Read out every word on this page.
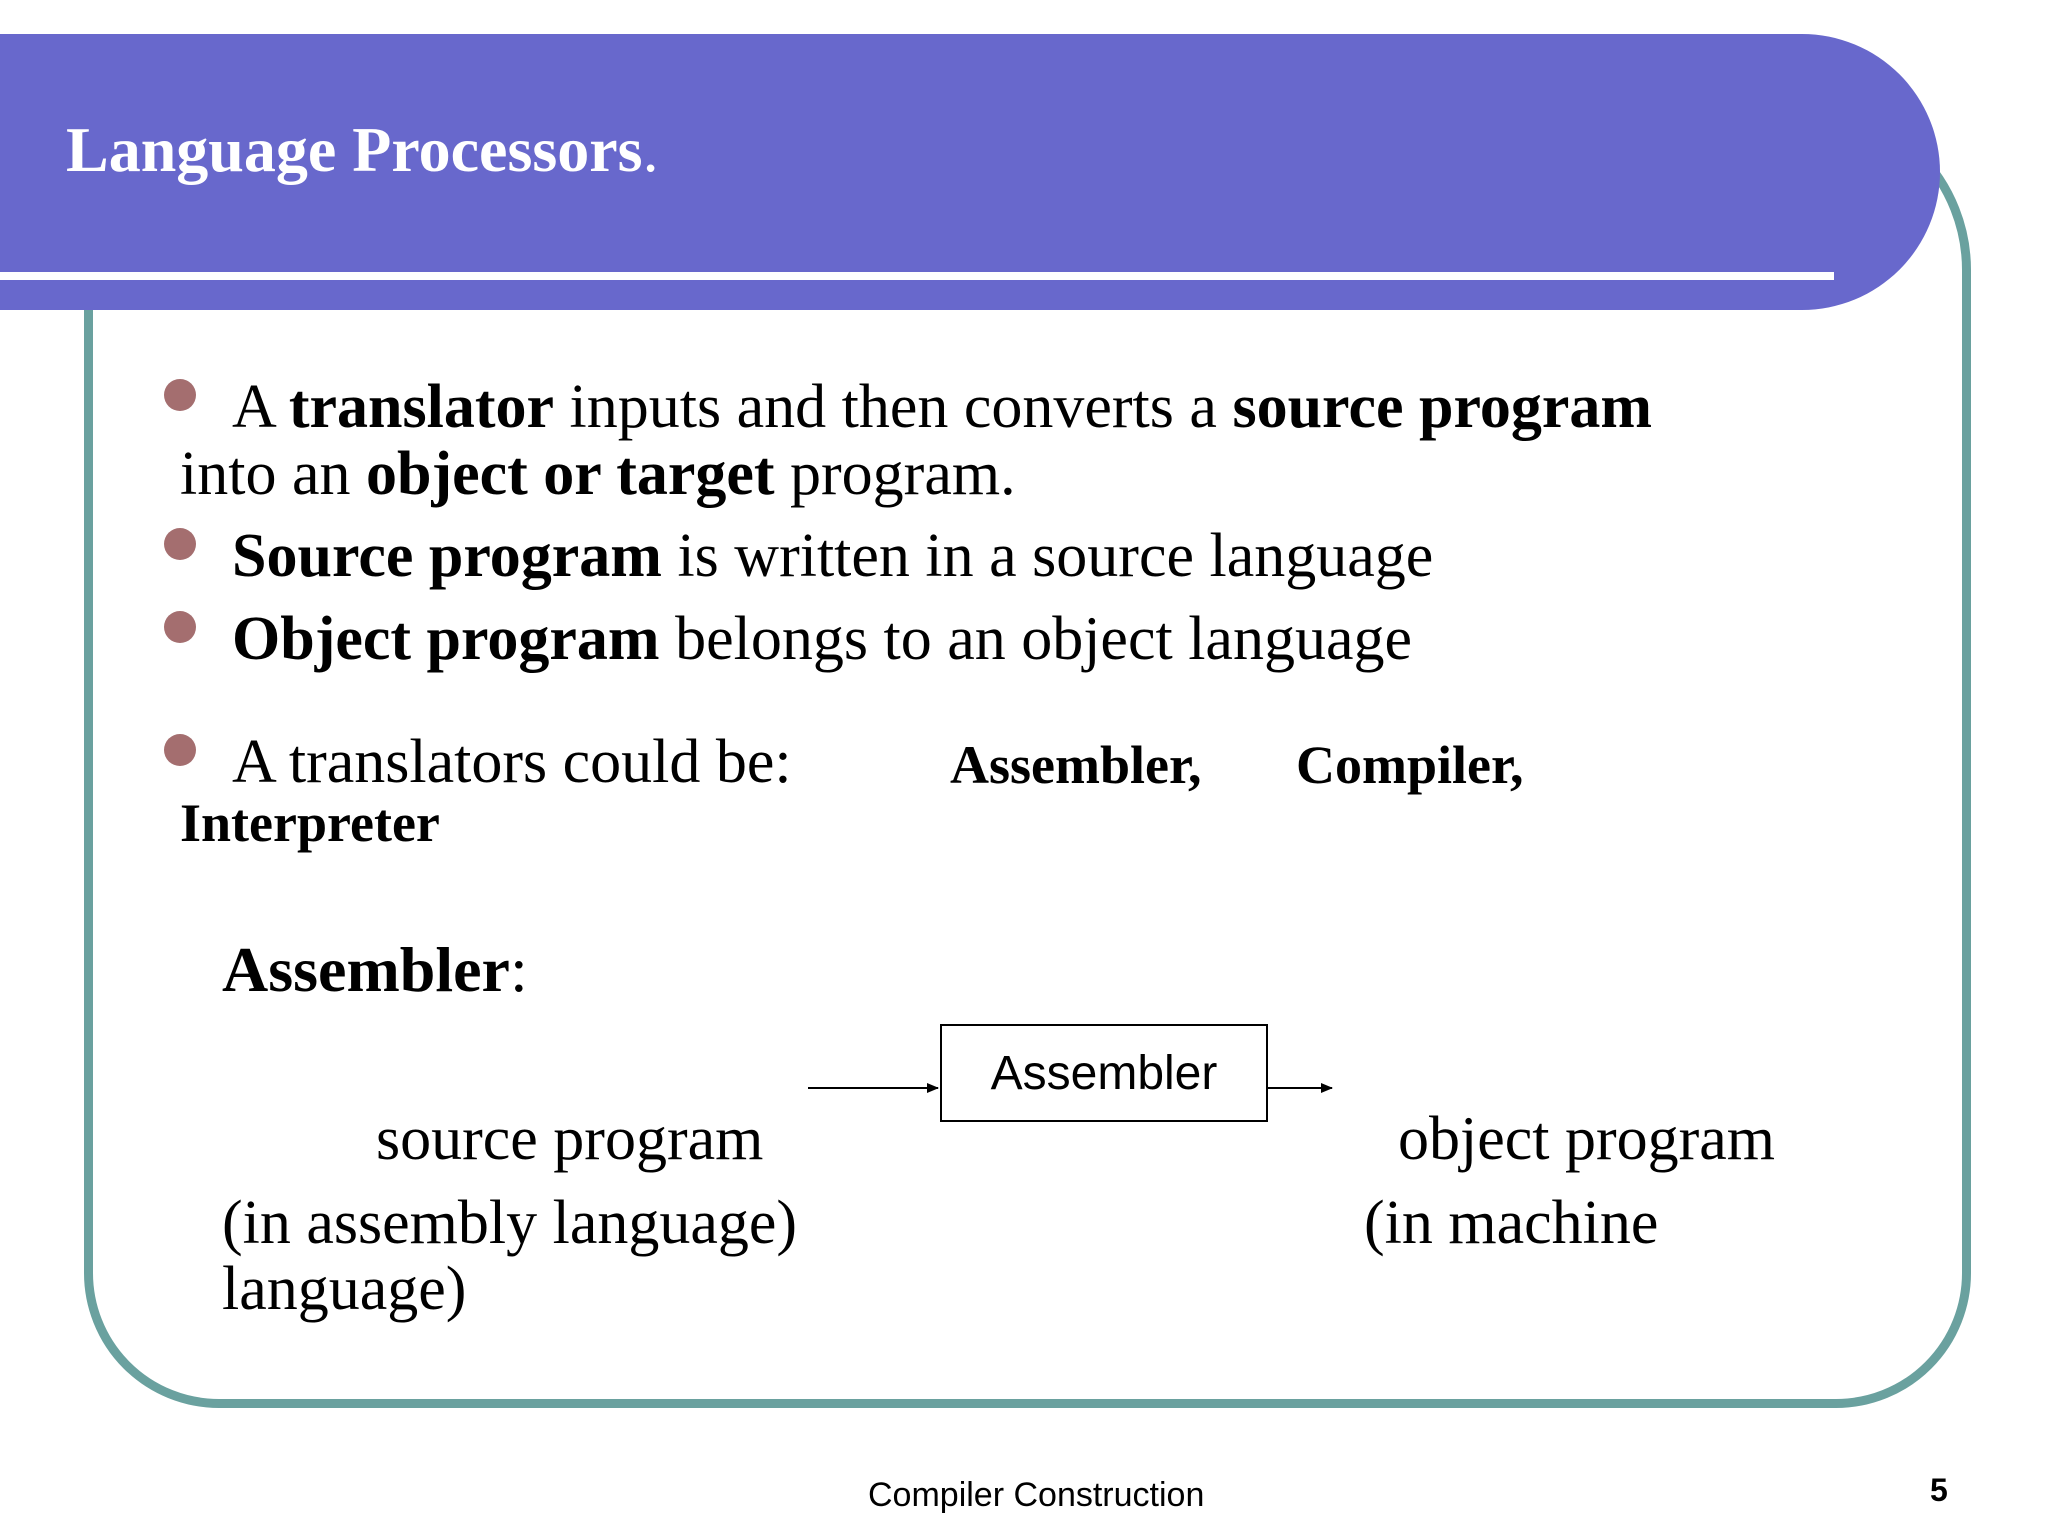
Language Processors.
A translator inputs and then converts a source program
into an object or target program.
Source program is written in a source language
Object program belongs to an object language
A translators could be:	Assembler, Compiler,
Interpreter
Assembler:
Assembler
source program
(in assembly language)
object program
(in machine
language)
Compiler Construction	5
